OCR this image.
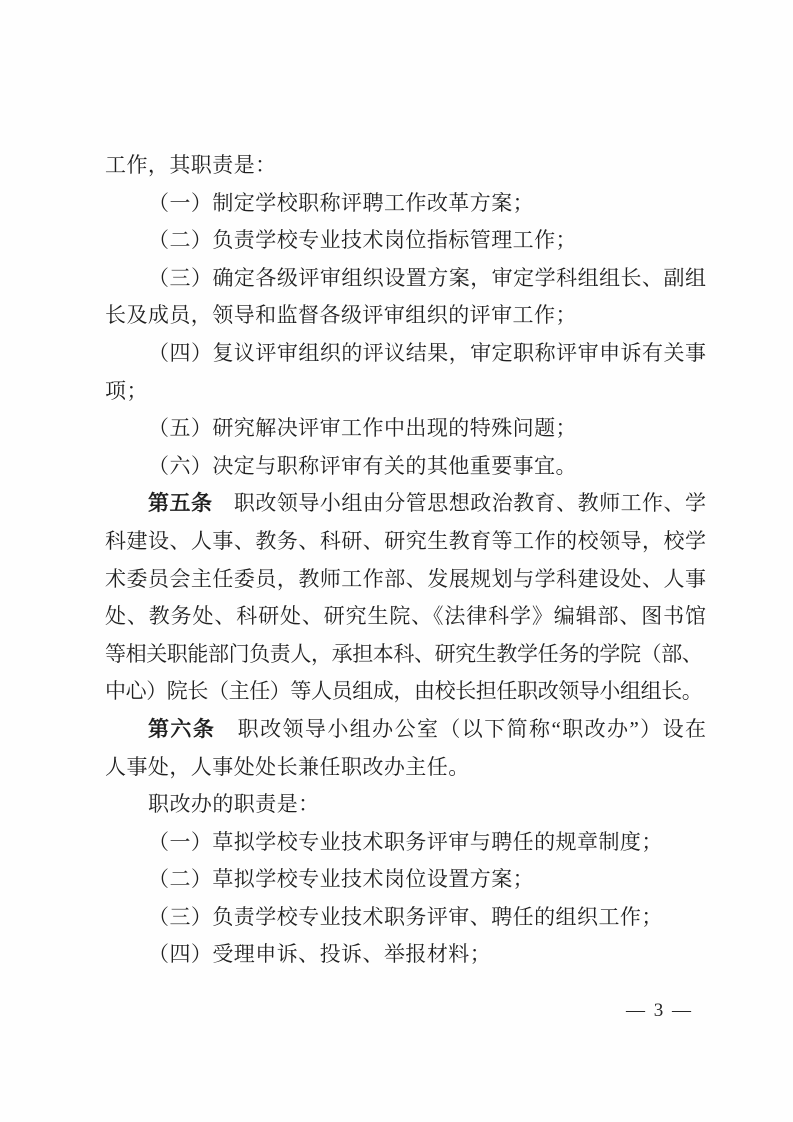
工作，其职责是：

（一）制定学校职称评聘工作改革方案；

（二）负责学校专业技术岗位指标管理工作；

（三）确定各级评审组织设置方案，审定学科组组长、副组

长及成员，领导和监督各级评审组织的评审工作；

（四）复议评审组织的评议结果，审定职称评审申诉有关事

项；

（五）研究解决评审工作中出现的特殊问题；

（六）决定与职称评审有关的其他重要事宜。

第五条　职改领导小组由分管思想政治教育、教师工作、学

科建设、人事、教务、科研、研究生教育等工作的校领导，校学

术委员会主任委员，教师工作部、发展规划与学科建设处、人事

处、教务处、科研处、研究生院、《法律科学》编辑部、图书馆

等相关职能部门负责人，承担本科、研究生教学任务的学院（部、

中心）院长（主任）等人员组成，由校长担任职改领导小组组长。

第六条　职改领导小组办公室（以下简称“职改办”）设在

人事处，人事处处长兼任职改办主任。

职改办的职责是：

（一）草拟学校专业技术职务评审与聘任的规章制度；

（二）草拟学校专业技术岗位设置方案；

（三）负责学校专业技术职务评审、聘任的组织工作；

（四）受理申诉、投诉、举报材料；

— 3 —
